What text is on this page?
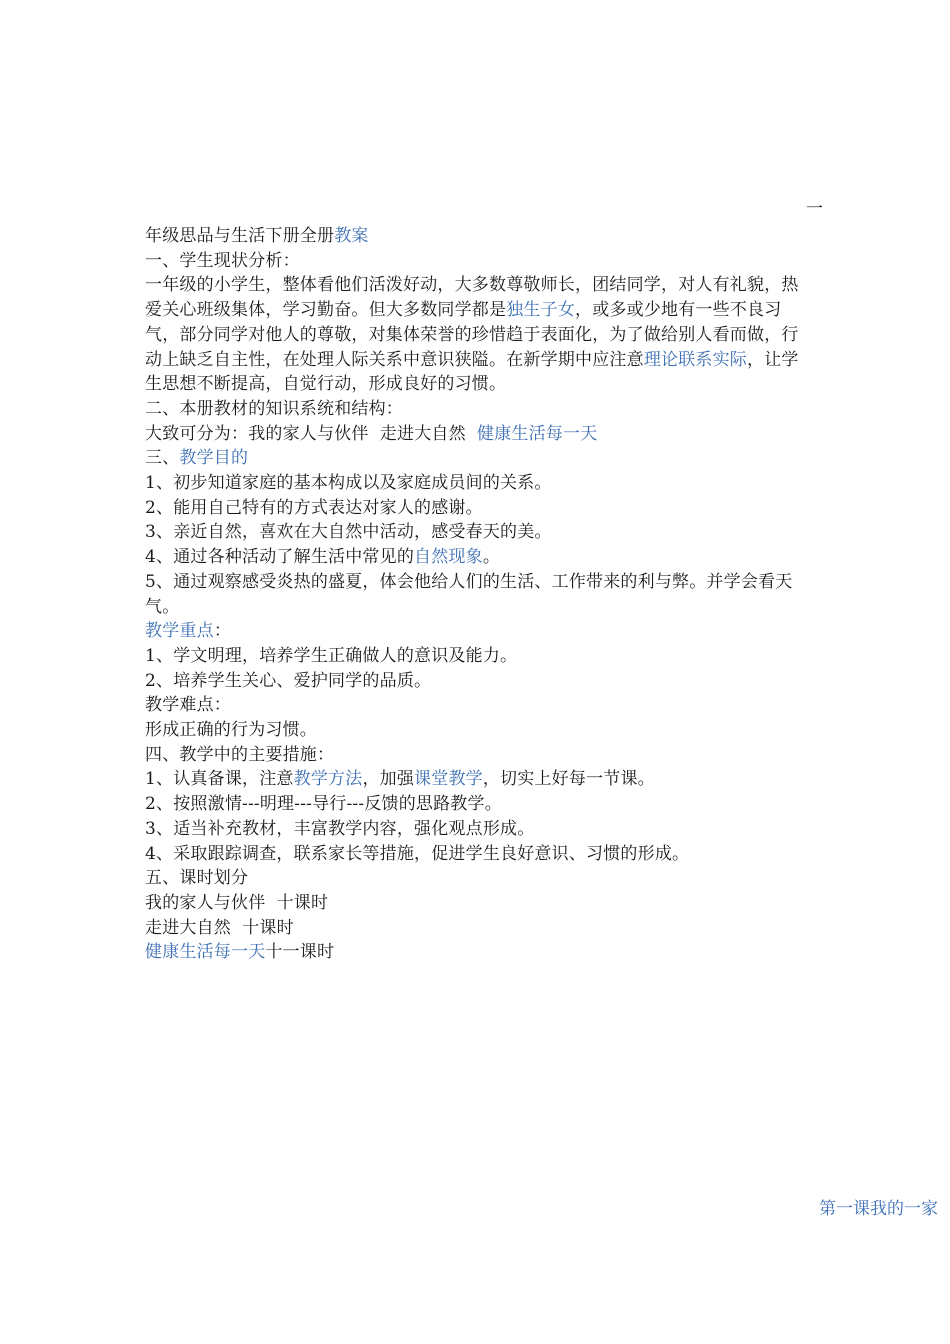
一

年级思品与生活下册全册教案

一、学生现状分析：

一年级的小学生，整体看他们活泼好动，大多数尊敬师长，团结同学，对人有礼貌，热爱关心班级集体，学习勤奋。但大多数同学都是独生子女，或多或少地有一些不良习气，部分同学对他人的尊敬，对集体荣誉的珍惜趋于表面化，为了做给别人看而做，行动上缺乏自主性，在处理人际关系中意识狭隘。在新学期中应注意理论联系实际，让学生思想不断提高，自觉行动，形成良好的习惯。

二、本册教材的知识系统和结构：

大致可分为：我的家人与伙伴  走进大自然  健康生活每一天

三、教学目的

1、初步知道家庭的基本构成以及家庭成员间的关系。

2、能用自己特有的方式表达对家人的感谢。

3、亲近自然，喜欢在大自然中活动，感受春天的美。

4、通过各种活动了解生活中常见的自然现象。

5、通过观察感受炎热的盛夏，体会他给人们的生活、工作带来的利与弊。并学会看天气。

教学重点：

1、学文明理，培养学生正确做人的意识及能力。

2、培养学生关心、爱护同学的品质。

教学难点：

形成正确的行为习惯。

四、教学中的主要措施：

1、认真备课，注意教学方法，加强课堂教学，切实上好每一节课。

2、按照激情---明理---导行---反馈的思路教学。

3、适当补充教材，丰富教学内容，强化观点形成。

4、采取跟踪调查，联系家长等措施，促进学生良好意识、习惯的形成。

五、课时划分

我的家人与伙伴  十课时

走进大自然  十课时

健康生活每一天十一课时

第一课我的一家
